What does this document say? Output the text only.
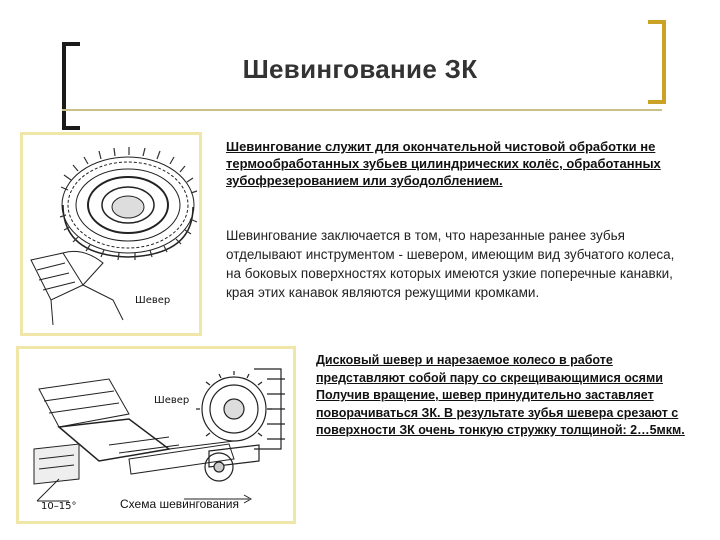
Шевингование ЗК
Шевер
Шевингование служит для окончательной чистовой обработки не термообработанных зубьев цилиндрических колёс, обработанных зубофрезерованием или зубодолблением.
Шевингование заключается в том, что нарезанные ранее зубья отделывают инструментом - шевером, имеющим вид зубчатого колеса, на боковых поверхностях которых имеются узкие поперечные канавки, края этих канавок являются режущими кромками.
Шевер
10–15°	Схема шевингования
Дисковый шевер и нарезаемое колесо в работе представляют собой пару со скрещивающимися осями Получив вращение, шевер принудительно заставляет поворачиваться ЗК. В результате зубья шевера срезают с поверхности ЗК очень тонкую стружку толщиной: 2…5мкм.
